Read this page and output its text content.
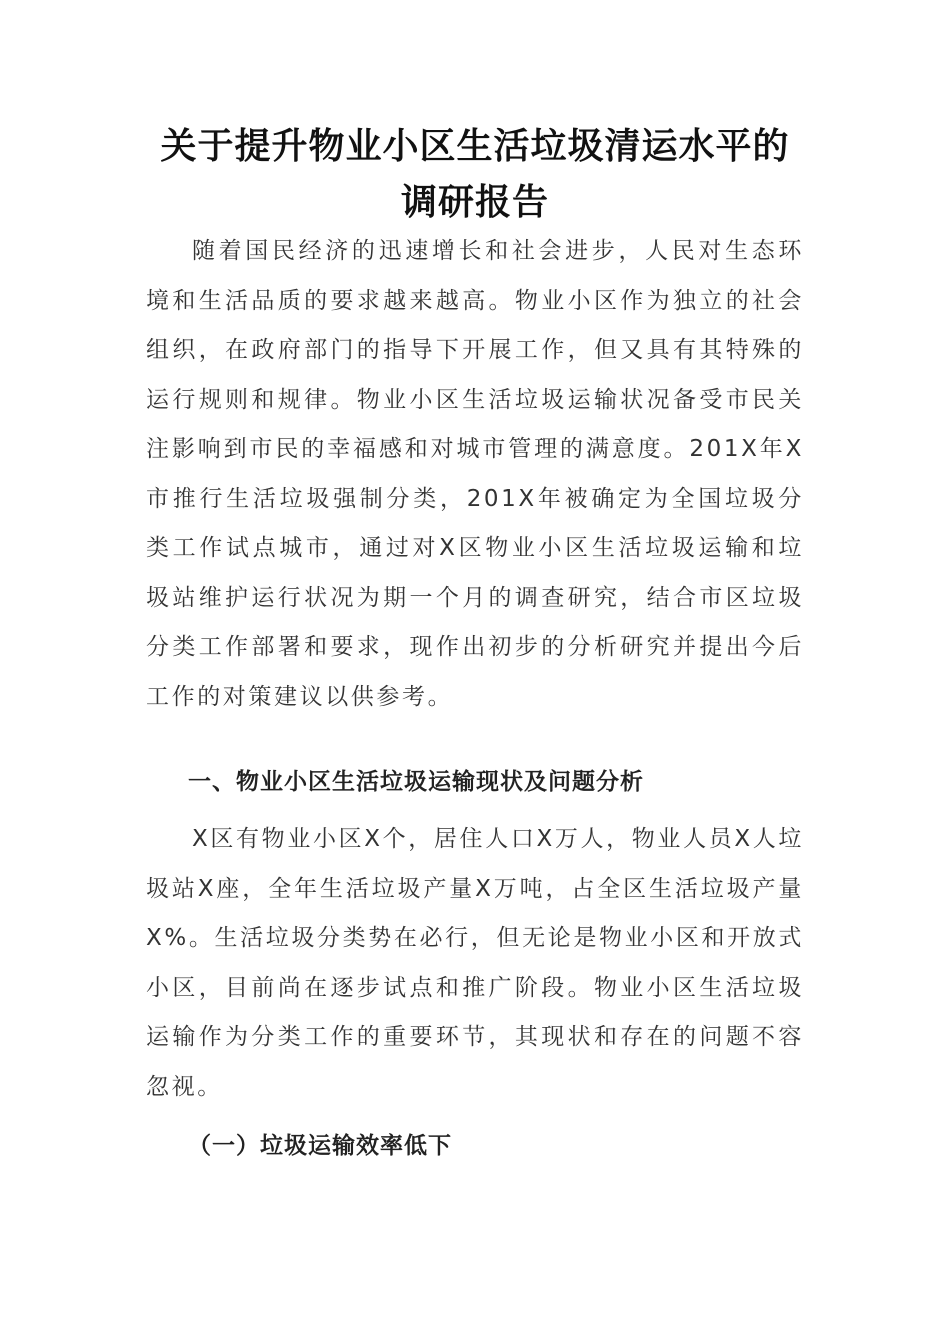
关于提升物业小区生活垃圾清运水平的调研报告

随着国民经济的迅速增长和社会进步，人民对生态环境和生活品质的要求越来越高。物业小区作为独立的社会组织，在政府部门的指导下开展工作，但又具有其特殊的运行规则和规律。物业小区生活垃圾运输状况备受市民关注影响到市民的幸福感和对城市管理的满意度。201X年X市推行生活垃圾强制分类，201X年被确定为全国垃圾分类工作试点城市，通过对X区物业小区生活垃圾运输和垃圾站维护运行状况为期一个月的调查研究，结合市区垃圾分类工作部署和要求，现作出初步的分析研究并提出今后工作的对策建议以供参考。

一、物业小区生活垃圾运输现状及问题分析

X区有物业小区X个，居住人口X万人，物业人员X人垃圾站X座，全年生活垃圾产量X万吨，占全区生活垃圾产量X%。生活垃圾分类势在必行，但无论是物业小区和开放式小区，目前尚在逐步试点和推广阶段。物业小区生活垃圾运输作为分类工作的重要环节，其现状和存在的问题不容忽视。

（一）垃圾运输效率低下
